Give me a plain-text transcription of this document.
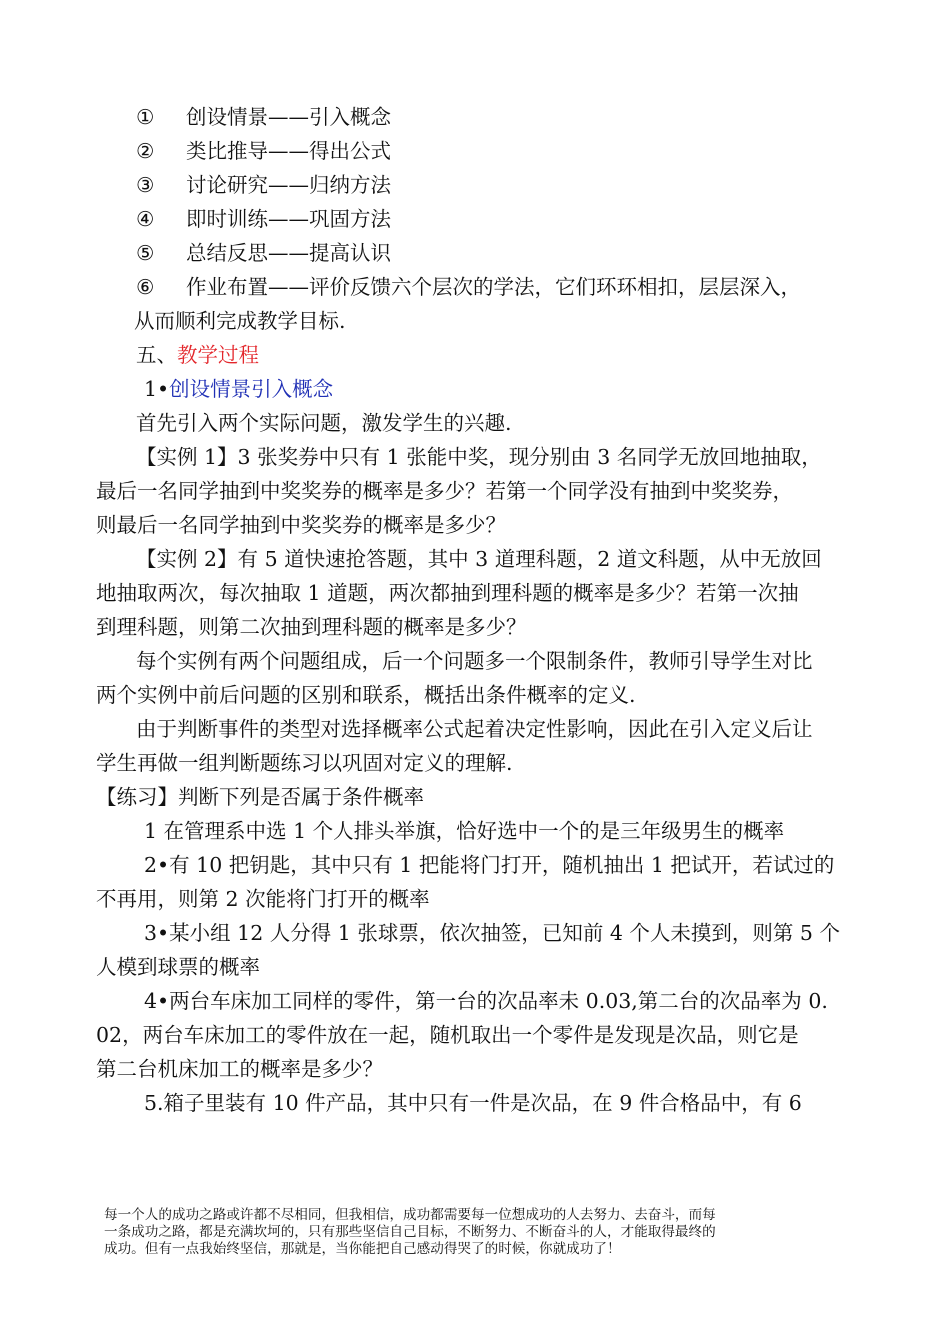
① 创设情景——引入概念
② 类比推导——得出公式
③ 讨论研究——归纳方法
④ 即时训练——巩固方法
⑤ 总结反思——提高认识
⑥ 作业布置——评价反馈六个层次的学法，它们环环相扣，层层深入，

从而顺利完成教学目标.

五、教学过程

1•创设情景引入概念

首先引入两个实际问题，激发学生的兴趣.

【实例 1】3 张奖券中只有 1 张能中奖，现分别由 3 名同学无放回地抽取，

最后一名同学抽到中奖奖券的概率是多少？若第一个同学没有抽到中奖奖券，

则最后一名同学抽到中奖奖券的概率是多少？

【实例 2】有 5 道快速抢答题，其中 3 道理科题，2 道文科题，从中无放回

地抽取两次，每次抽取 1 道题，两次都抽到理科题的概率是多少？若第一次抽

到理科题，则第二次抽到理科题的概率是多少？

每个实例有两个问题组成，后一个问题多一个限制条件，教师引导学生对比

两个实例中前后问题的区别和联系，概括出条件概率的定义.

由于判断事件的类型对选择概率公式起着决定性影响，因此在引入定义后让

学生再做一组判断题练习以巩固对定义的理解.

【练习】判断下列是否属于条件概率

1 在管理系中选 1 个人排头举旗，恰好选中一个的是三年级男生的概率

2•有 10 把钥匙，其中只有 1 把能将门打开，随机抽出 1 把试开，若试过的

不再用，则第 2 次能将门打开的概率

3•某小组 12 人分得 1 张球票，依次抽签，已知前 4 个人未摸到，则第 5 个

人模到球票的概率

4•两台车床加工同样的零件，第一台的次品率未 0.03,第二台的次品率为 0.

02，两台车床加工的零件放在一起，随机取出一个零件是发现是次品，则它是

第二台机床加工的概率是多少？

5.箱子里装有 10 件产品，其中只有一件是次品，在 9 件合格品中，有 6

每一个人的成功之路或许都不尽相同，但我相信，成功都需要每一位想成功的人去努力、去奋斗，而每

一条成功之路，都是充满坎坷的，只有那些坚信自己目标，不断努力、不断奋斗的人，才能取得最终的

成功。但有一点我始终坚信，那就是，当你能把自己感动得哭了的时候，你就成功了！
